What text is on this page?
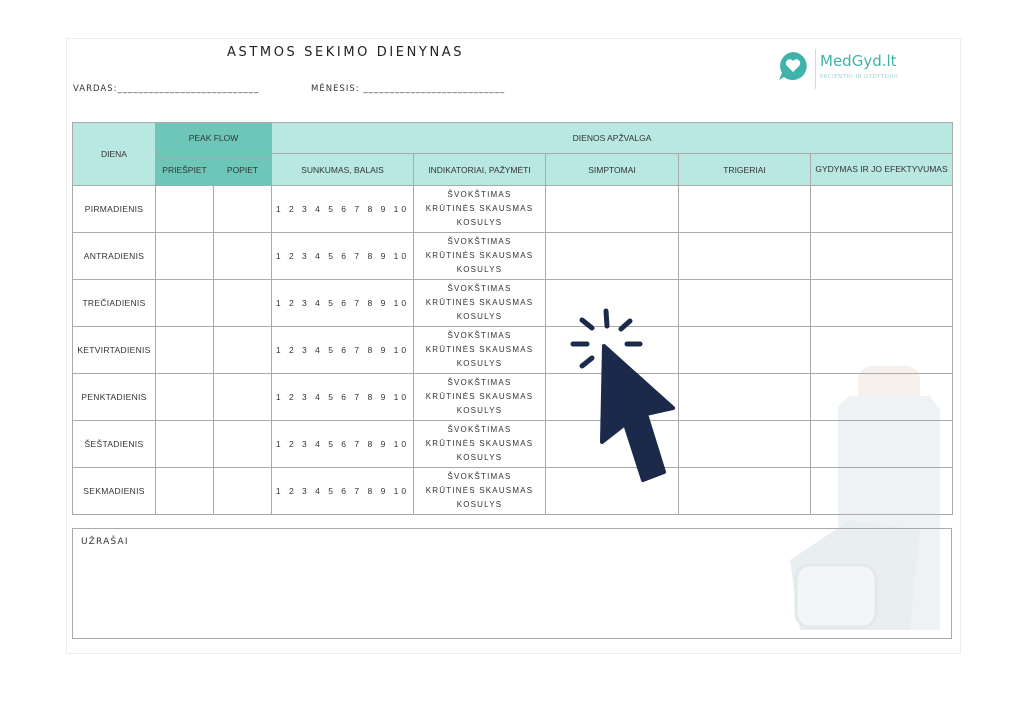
ASTMOS SEKIMO DIENYNAS
VARDAS:___________________________	MĖNESIS: ___________________________
MedGyd.lt
PACIENTUI IR GYDYTOJUI
DIENA	PEAK FLOW		DIENOS APŽVALGA				
	PRIEŠPIET	POPIET	SUNKUMAS, BALAIS	INDIKATORIAI, PAŽYMĖTI	SIMPTOMAI	TRIGERIAI	GYDYMAS IR JO EFEKTYVUMAS
PIRMADIENIS			1 2 3 4 5 6 7 8 9 10	ŠVOKŠTIMAS
KRŪTINĖS SKAUSMAS
KOSULYS			

ANTRADIENIS			1 2 3 4 5 6 7 8 9 10	ŠVOKŠTIMAS
KRŪTINĖS SKAUSMAS
KOSULYS			

TREČIADIENIS			1 2 3 4 5 6 7 8 9 10	ŠVOKŠTIMAS
KRŪTINĖS SKAUSMAS
KOSULYS			

KETVIRTADIENIS			1 2 3 4 5 6 7 8 9 10	ŠVOKŠTIMAS
KRŪTINĖS SKAUSMAS
KOSULYS			

PENKTADIENIS			1 2 3 4 5 6 7 8 9 10	ŠVOKŠTIMAS
KRŪTINĖS SKAUSMAS
KOSULYS			

ŠEŠTADIENIS			1 2 3 4 5 6 7 8 9 10	ŠVOKŠTIMAS
KRŪTINĖS SKAUSMAS
KOSULYS			

SEKMADIENIS			1 2 3 4 5 6 7 8 9 10	ŠVOKŠTIMAS
KRŪTINĖS SKAUSMAS
KOSULYS			

UŽRAŠAI
